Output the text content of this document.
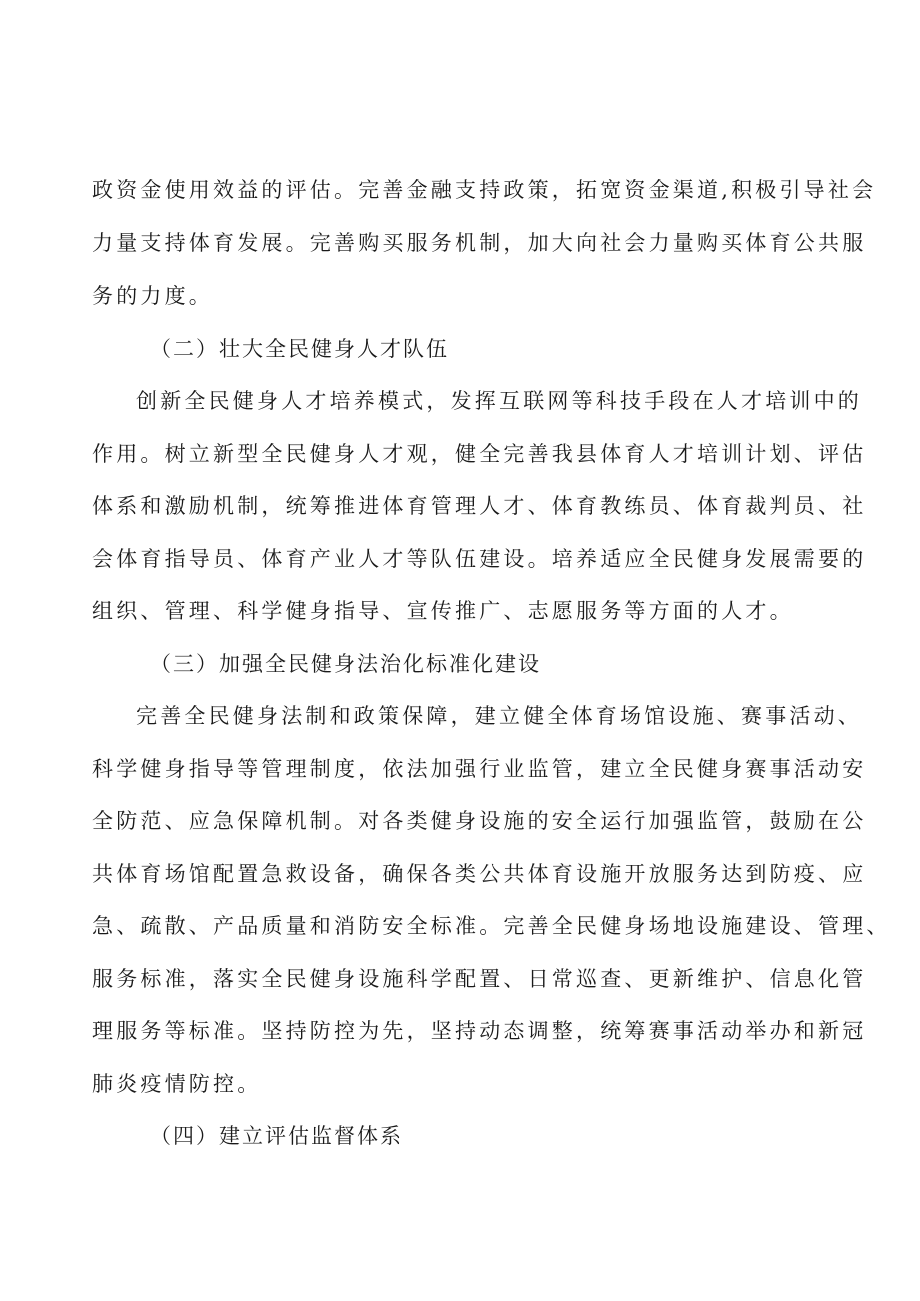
政资金使用效益的评估。完善金融支持政策，拓宽资金渠道,积极引导社会
力量支持体育发展。完善购买服务机制，加大向社会力量购买体育公共服
务的力度。
（二）壮大全民健身人才队伍
创新全民健身人才培养模式，发挥互联网等科技手段在人才培训中的
作用。树立新型全民健身人才观，健全完善我县体育人才培训计划、评估
体系和激励机制，统筹推进体育管理人才、体育教练员、体育裁判员、社
会体育指导员、体育产业人才等队伍建设。培养适应全民健身发展需要的
组织、管理、科学健身指导、宣传推广、志愿服务等方面的人才。
（三）加强全民健身法治化标准化建设
完善全民健身法制和政策保障，建立健全体育场馆设施、赛事活动、
科学健身指导等管理制度，依法加强行业监管，建立全民健身赛事活动安
全防范、应急保障机制。对各类健身设施的安全运行加强监管，鼓励在公
共体育场馆配置急救设备，确保各类公共体育设施开放服务达到防疫、应
急、疏散、产品质量和消防安全标准。完善全民健身场地设施建设、管理、
服务标准，落实全民健身设施科学配置、日常巡查、更新维护、信息化管
理服务等标准。坚持防控为先，坚持动态调整，统筹赛事活动举办和新冠
肺炎疫情防控。
（四）建立评估监督体系
